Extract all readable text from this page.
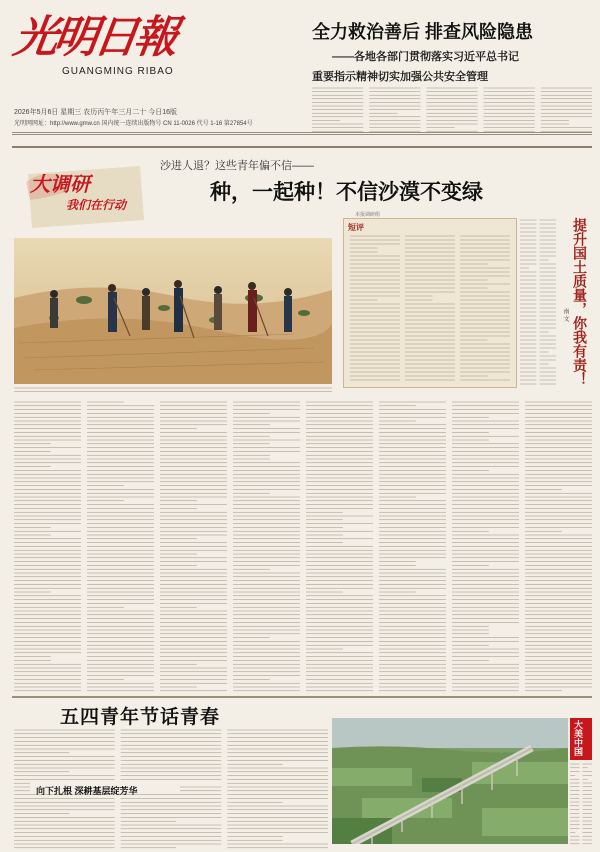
光明日報
GUANGMING RIBAO
2026年5月6日 星期三 农历丙午年三月二十 今日16版
光明网网址：http://www.gmw.cn 国内统一连续出版物号 CN 11-0026 代号 1-16 第27854号
全力救治善后 排查风险隐患
——各地各部门贯彻落实习近平总书记
重要指示精神切实加强公共安全管理
大调研
我们在行动
沙进人退？这些青年偏不信——
种，一起种！不信沙漠不变绿
本报调研组
短评	提升国土质量，你我有责！
南 文
五四青年节话青春
向下扎根 深耕基层绽芳华
大美中国
